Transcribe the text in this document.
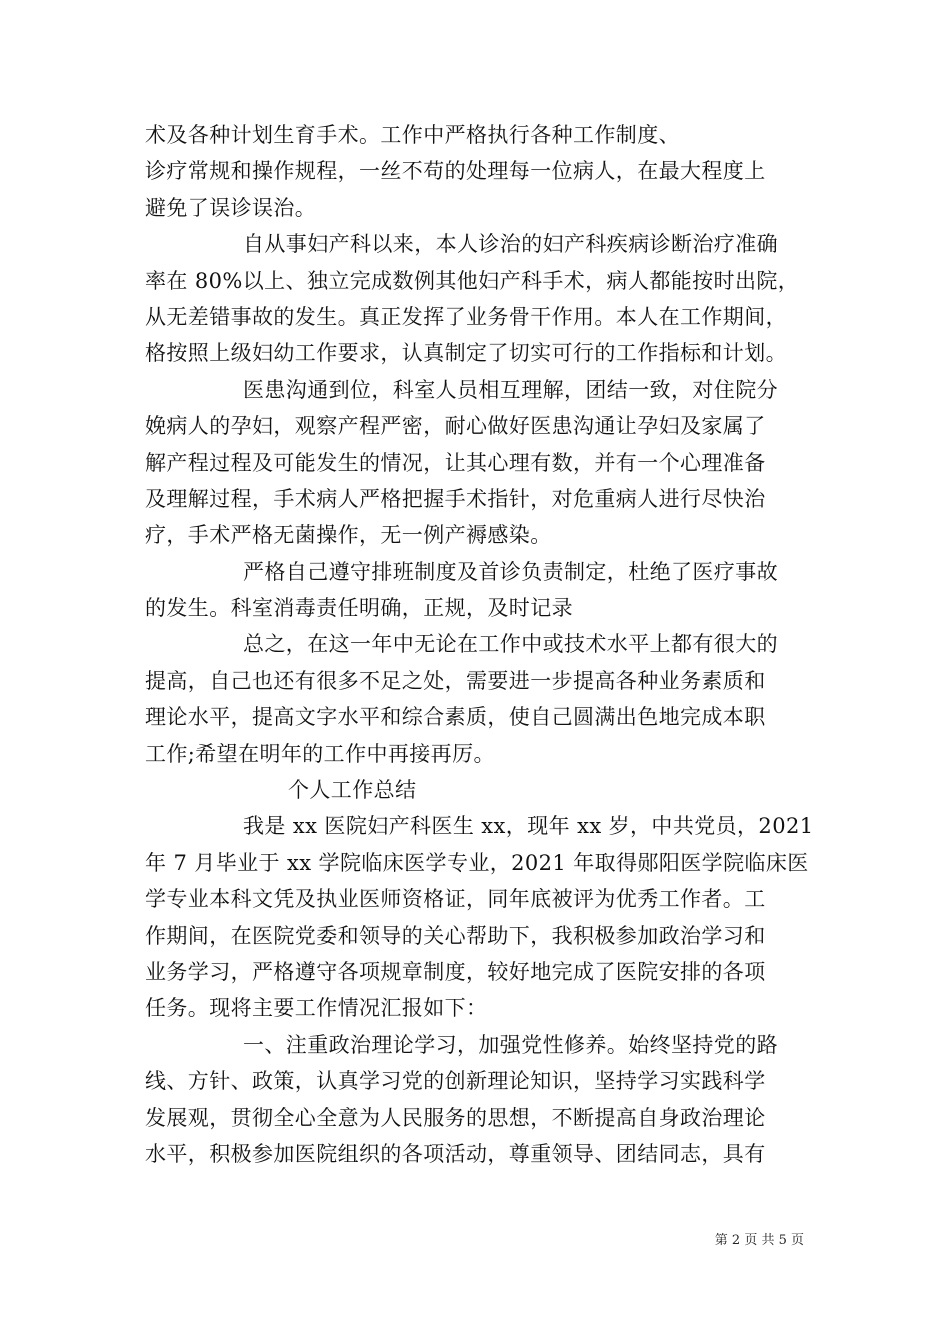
术及各种计划生育手术。工作中严格执行各种工作制度、
诊疗常规和操作规程，一丝不苟的处理每一位病人，在最大程度上
避免了误诊误治。
自从事妇产科以来，本人诊治的妇产科疾病诊断治疗准确
率在 80%以上、独立完成数例其他妇产科手术，病人都能按时出院，
从无差错事故的发生。真正发挥了业务骨干作用。本人在工作期间，
格按照上级妇幼工作要求，认真制定了切实可行的工作指标和计划。
医患沟通到位，科室人员相互理解，团结一致，对住院分
娩病人的孕妇，观察产程严密，耐心做好医患沟通让孕妇及家属了
解产程过程及可能发生的情况，让其心理有数，并有一个心理准备
及理解过程，手术病人严格把握手术指针，对危重病人进行尽快治
疗，手术严格无菌操作，无一例产褥感染。
严格自己遵守排班制度及首诊负责制定，杜绝了医疗事故
的发生。科室消毒责任明确，正规，及时记录
总之，在这一年中无论在工作中或技术水平上都有很大的
提高，自己也还有很多不足之处，需要进一步提高各种业务素质和
理论水平，提高文字水平和综合素质，使自己圆满出色地完成本职
工作;希望在明年的工作中再接再厉。
个人工作总结
我是 xx 医院妇产科医生 xx，现年 xx 岁，中共党员，2021
年 7 月毕业于 xx 学院临床医学专业，2021 年取得郧阳医学院临床医
学专业本科文凭及执业医师资格证，同年底被评为优秀工作者。工
作期间，在医院党委和领导的关心帮助下，我积极参加政治学习和
业务学习，严格遵守各项规章制度，较好地完成了医院安排的各项
任务。现将主要工作情况汇报如下：
一、注重政治理论学习，加强党性修养。始终坚持党的路
线、方针、政策，认真学习党的创新理论知识，坚持学习实践科学
发展观，贯彻全心全意为人民服务的思想，不断提高自身政治理论
水平，积极参加医院组织的各项活动，尊重领导、团结同志，具有
第 2 页 共 5 页
